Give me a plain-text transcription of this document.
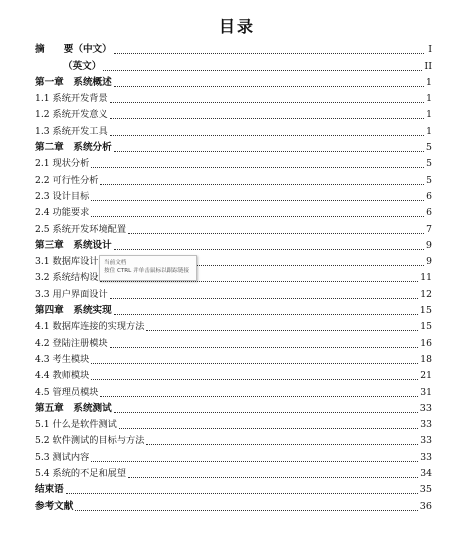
目录
摘　　要（中文）	I
（英文）	II
第一章　系统概述	1
1.1 系统开发背景	1
1.2 系统开发意义	1
1.3 系统开发工具	1
第二章　系统分析	5
2.1 现状分析	5
2.2 可行性分析	5
2.3 设计目标	6
2.4 功能要求	6
2.5 系统开发环境配置	7
第三章　系统设计	9
3.1 数据库设计	9
3.2 系统结构设	11
3.3 用户界面设计	12
第四章　系统实现	15
4.1 数据库连接的实现方法	15
4.2 登陆注册模块	16
4.3 考生模块	18
4.4 教师模块	21
4.5 管理员模块	31
第五章　系统测试	33
5.1 什么是软件测试	33
5.2 软件测试的目标与方法	33
5.3 测试内容	33
5.4 系统的不足和展望	34
结束语	35
参考文献	36
当前文档
按住 CTRL 并单击鼠标以跟踪链接
